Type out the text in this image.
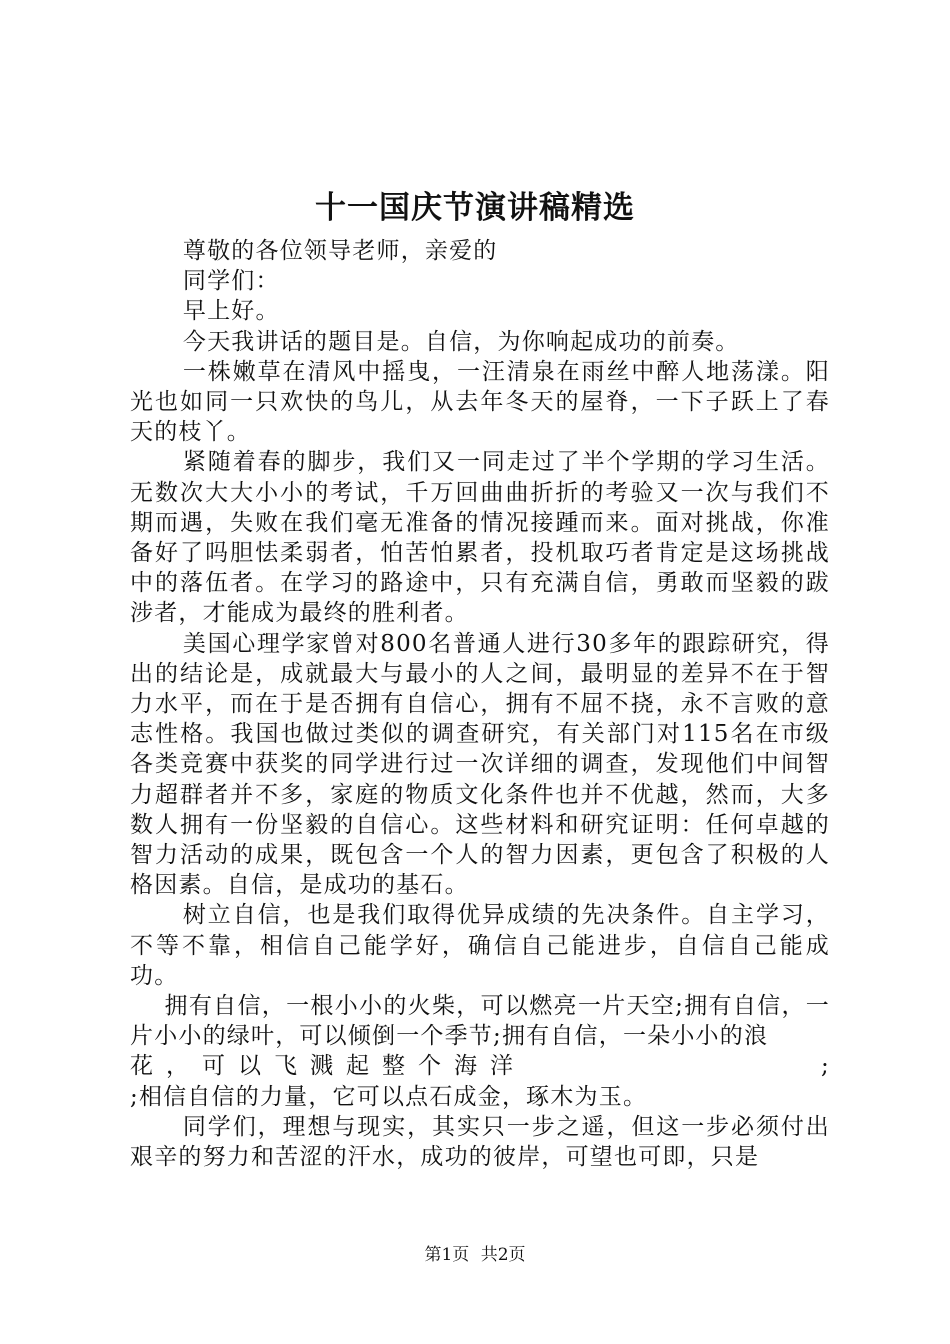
十一国庆节演讲稿精选

尊敬的各位领导老师，亲爱的

同学们：

早上好。

今天我讲话的题目是。自信，为你响起成功的前奏。

一株嫩草在清风中摇曳，一汪清泉在雨丝中醉人地荡漾。阳光也如同一只欢快的鸟儿，从去年冬天的屋脊，一下子跃上了春天的枝丫。

紧随着春的脚步，我们又一同走过了半个学期的学习生活。无数次大大小小的考试，千万回曲曲折折的考验又一次与我们不期而遇，失败在我们毫无准备的情况接踵而来。面对挑战，你准备好了吗胆怯柔弱者，怕苦怕累者，投机取巧者肯定是这场挑战中的落伍者。在学习的路途中，只有充满自信，勇敢而坚毅的跋涉者，才能成为最终的胜利者。

美国心理学家曾对800名普通人进行30多年的跟踪研究，得出的结论是，成就最大与最小的人之间，最明显的差异不在于智力水平，而在于是否拥有自信心，拥有不屈不挠，永不言败的意志性格。我国也做过类似的调查研究，有关部门对115名在市级各类竞赛中获奖的同学进行过一次详细的调查，发现他们中间智力超群者并不多，家庭的物质文化条件也并不优越，然而，大多数人拥有一份坚毅的自信心。这些材料和研究证明：任何卓越的智力活动的成果，既包含一个人的智力因素，更包含了积极的人格因素。自信，是成功的基石。

树立自信，也是我们取得优异成绩的先决条件。自主学习，不等不靠，相信自己能学好，确信自己能进步，自信自己能成功。

拥有自信，一根小小的火柴，可以燃亮一片天空;拥有自信，一片小小的绿叶，可以倾倒一个季节;拥有自信，一朵小小的浪

花，可以飞溅起整个海洋	;

;相信自信的力量，它可以点石成金，琢木为玉。

同学们，理想与现实，其实只一步之遥，但这一步必须付出艰辛的努力和苦涩的汗水，成功的彼岸，可望也可即，只是

第1页 共2页
